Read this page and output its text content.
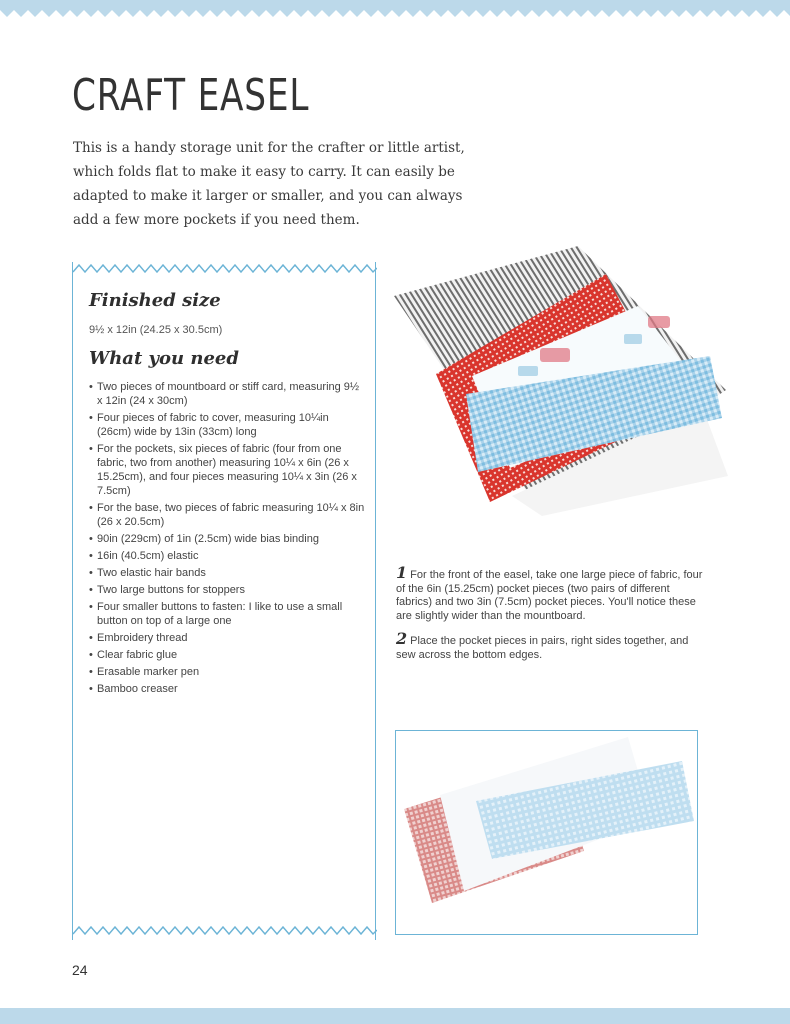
CRAFT EASEL

This is a handy storage unit for the crafter or little artist, which folds flat to make it easy to carry. It can easily be adapted to make it larger or smaller, and you can always add a few more pockets if you need them.

Finished size

9½ x 12in (24.25 x 30.5cm)

What you need
• Two pieces of mountboard or stiff card, measuring 9½ x 12in (24 x 30cm)
• Four pieces of fabric to cover, measuring 10¼in (26cm) wide by 13in (33cm) long
• For the pockets, six pieces of fabric (four from one fabric, two from another) measuring 10¼ x 6in (26 x 15.25cm), and four pieces measuring 10¼ x 3in (26 x 7.5cm)
• For the base, two pieces of fabric measuring 10¼ x 8in (26 x 20.5cm)
• 90in (229cm) of 1in (2.5cm) wide bias binding
• 16in (40.5cm) elastic
• Two elastic hair bands
• Two large buttons for stoppers
• Four smaller buttons to fasten: I like to use a small button on top of a large one
• Embroidery thread
• Clear fabric glue
• Erasable marker pen
• Bamboo creaser

1 For the front of the easel, take one large piece of fabric, four of the 6in (15.25cm) pocket pieces (two pairs of different fabrics) and two 3in (7.5cm) pocket pieces. You'll notice these are slightly wider than the mountboard.

2 Place the pocket pieces in pairs, right sides together, and sew across the bottom edges.

24
